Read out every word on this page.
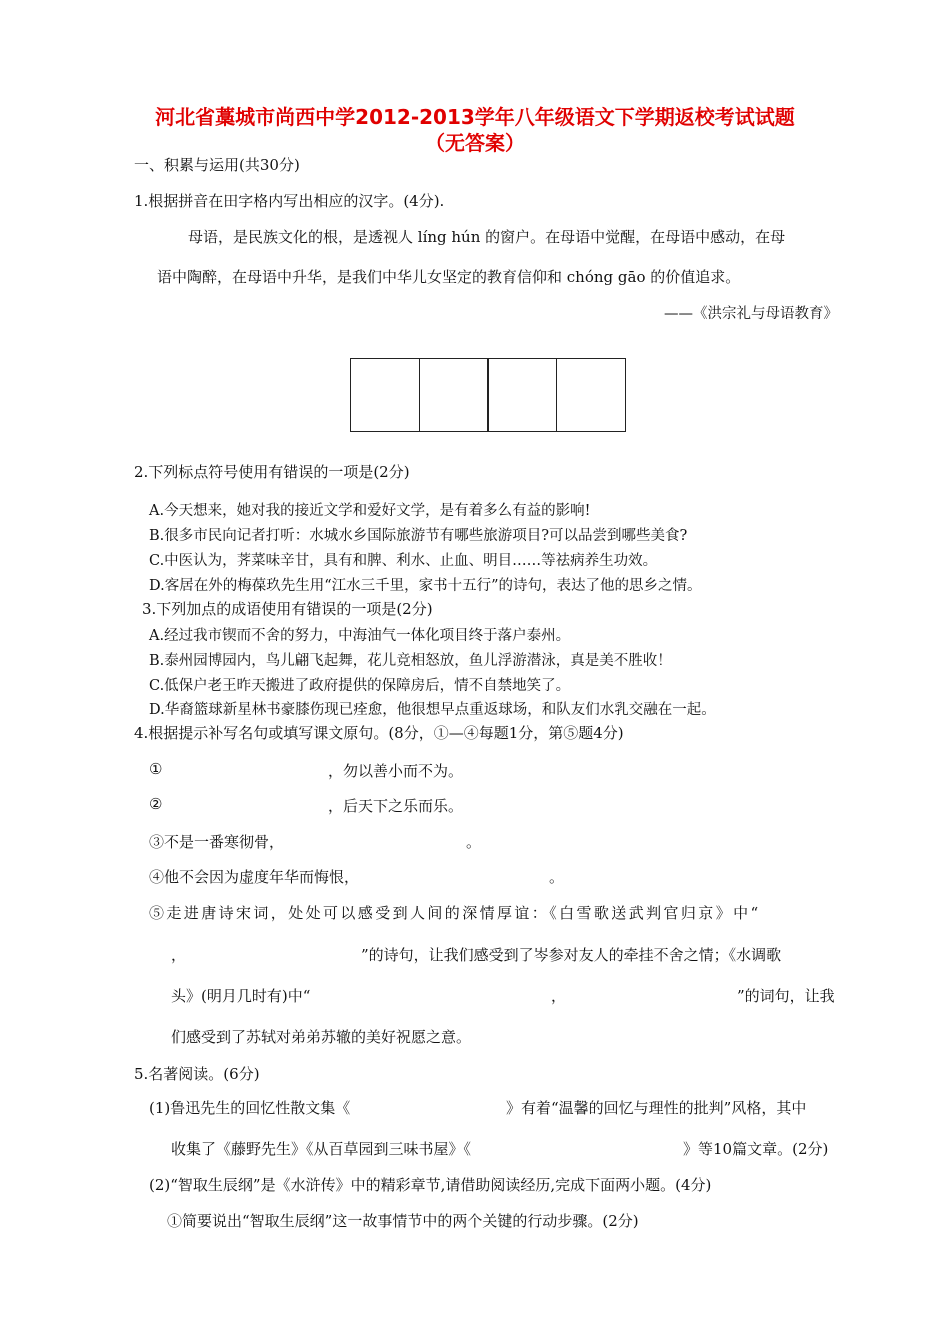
河北省藁城市尚西中学2012-2013学年八年级语文下学期返校考试试题
（无答案）
一、积累与运用(共30分)
1.根据拼音在田字格内写出相应的汉字。(4分).
母语，是民族文化的根，是透视人 líng hún 的窗户。在母语中觉醒，在母语中感动，在母
语中陶醉，在母语中升华，是我们中华儿女坚定的教育信仰和 chóng gāo 的价值追求。
——《洪宗礼与母语教育》
2.下列标点符号使用有错误的一项是(2分)
A.今天想来，她对我的接近文学和爱好文学，是有着多么有益的影响!
B.很多市民向记者打听：水城水乡国际旅游节有哪些旅游项目?可以品尝到哪些美食?
C.中医认为，荠菜味辛甘，具有和脾、利水、止血、明目……等祛病养生功效。
D.客居在外的梅葆玖先生用“江水三千里，家书十五行”的诗句，表达了他的思乡之情。
3.下列加点的成语使用有错误的一项是(2分)
A.经过我市锲而不舍的努力，中海油气一体化项目终于落户泰州。
B.泰州园博园内，鸟儿翩飞起舞，花儿竞相怒放，鱼儿浮游潜泳，真是美不胜收！
C.低保户老王昨天搬进了政府提供的保障房后，情不自禁地笑了。
D.华裔篮球新星林书豪膝伤现已痊愈，他很想早点重返球场，和队友们水乳交融在一起。
4.根据提示补写名句或填写课文原句。(8分，①—④每题1分，第⑤题4分)
①	，勿以善小而不为。
②	，后天下之乐而乐。
③不是一番寒彻骨，	。
④他不会因为虚度年华而悔恨，	。
⑤走进唐诗宋词，处处可以感受到人间的深情厚谊：《白雪歌送武判官归京》中“
，	”的诗句，让我们感受到了岑参对友人的牵挂不舍之情；《水调歌
头》(明月几时有)中“	，	”的词句，让我
们感受到了苏轼对弟弟苏辙的美好祝愿之意。
5.名著阅读。(6分)
(1)鲁迅先生的回忆性散文集《	》有着“温馨的回忆与理性的批判”风格，其中
收集了《藤野先生》《从百草园到三味书屋》《	》等10篇文章。(2分)
(2)“智取生辰纲”是《水浒传》中的精彩章节,请借助阅读经历,完成下面两小题。(4分)
①简要说出“智取生辰纲”这一故事情节中的两个关键的行动步骤。(2分)
